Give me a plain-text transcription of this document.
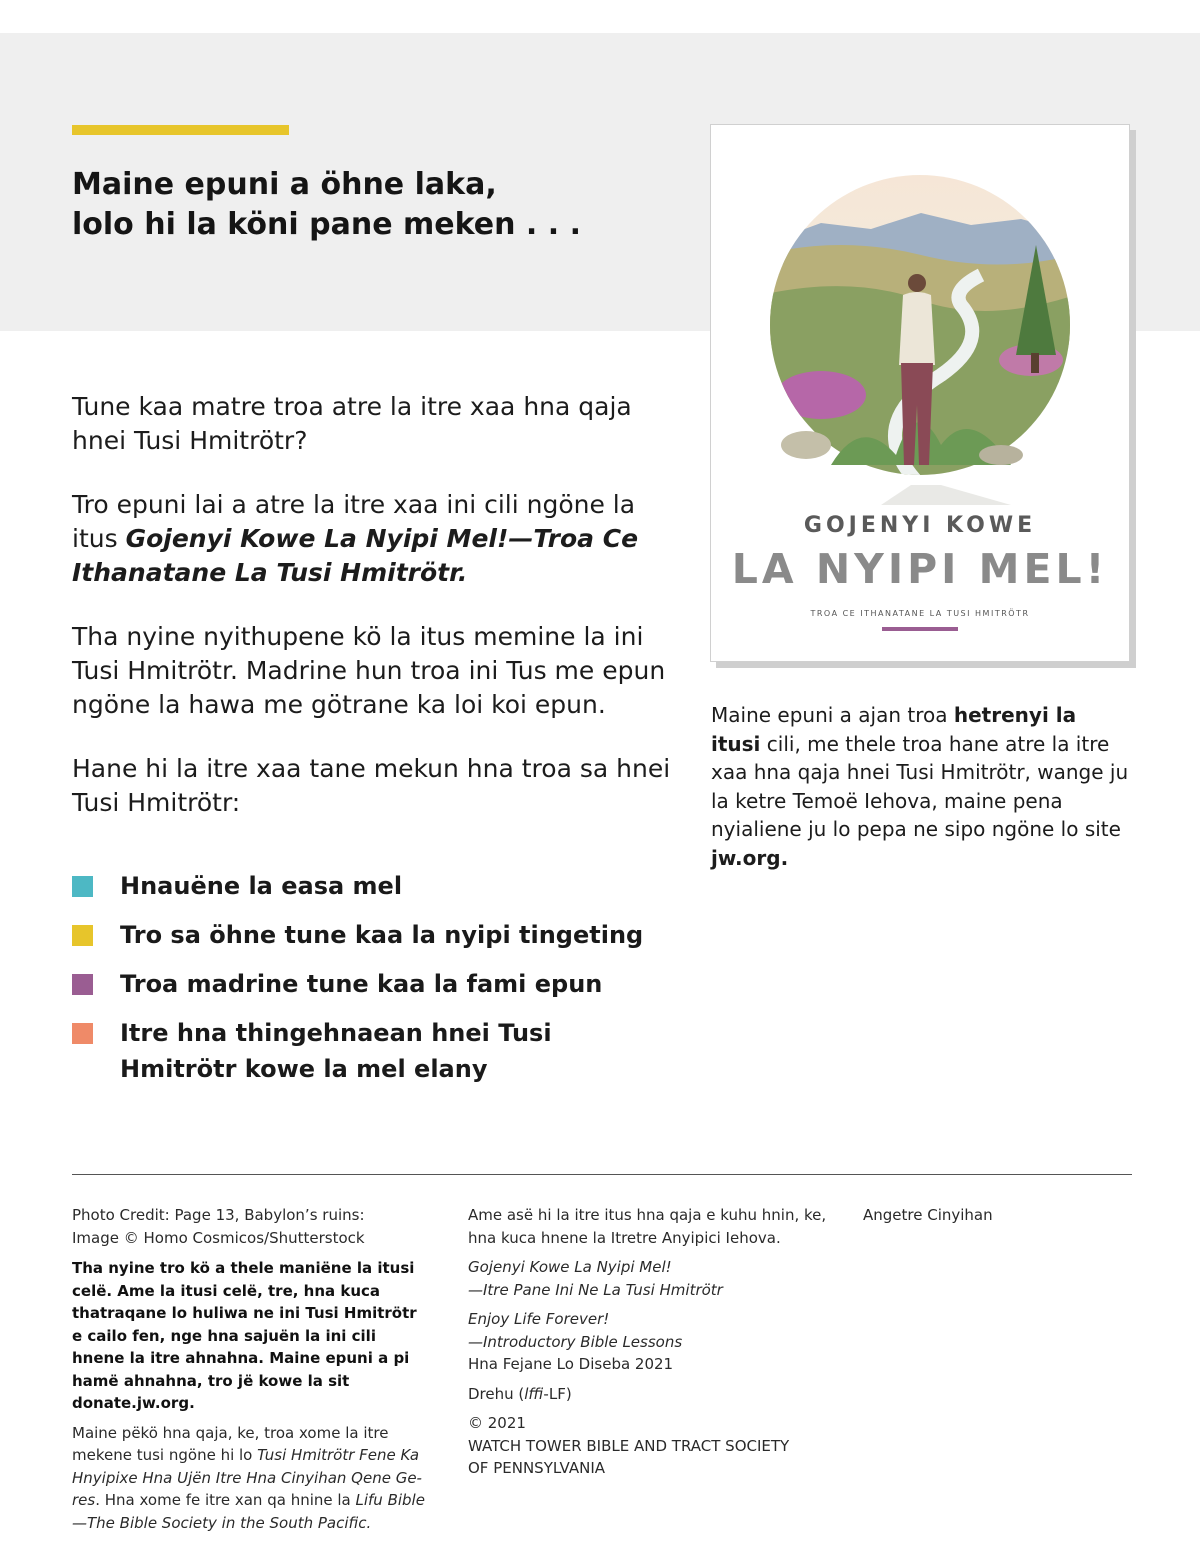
Maine epuni a öhne laka,
lolo hi la köni pane meken . . .

Tune kaa matre troa atre la itre xaa hna qaja hnei Tusi Hmitrötr?

Tro epuni lai a atre la itre xaa ini cili ngöne la itus Gojenyi Kowe La Nyipi Mel!—Troa Ce Ithanatane La Tusi Hmitrötr.

Tha nyine nyithupene kö la itus memine la ini Tusi Hmitrötr. Madrine hun troa ini Tus me epun ngöne la hawa me götrane ka loi koi epun.

Hane hi la itre xaa tane mekun hna troa sa hnei Tusi Hmitrötr:

Hnauëne la easa mel
Tro sa öhne tune kaa la nyipi tingeting
Troa madrine tune kaa la fami epun
Itre hna thingehnaean hnei Tusi Hmitrötr kowe la mel elany
GOJENYI KOWE
LA NYIPI MEL!
TROA CE ITHANATANE LA TUSI HMITRÖTR

Maine epuni a ajan troa hetrenyi la itusi cili, me thele troa hane atre la itre xaa hna qaja hnei Tusi Hmitrötr, wange ju la ketre Temoë Iehova, maine pena nyialiene ju lo pepa ne sipo ngöne lo site jw.org.

Photo Credit: Page 13, Babylon’s ruins:

Image © Homo Cosmicos/Shutterstock

Tha nyine tro kö a thele maniëne la itusi celë. Ame la itusi celë, tre, hna kuca thatraqane lo huliwa ne ini Tusi Hmitrötr e cailo fen, nge hna sajuën la ini cili hnene la itre ahnahna. Maine epuni a pi hamë ahnahna, tro jë kowe la sit donate.jw.org.

Maine pëkö hna qaja, ke, troa xome la itre mekene tusi ngöne hi lo Tusi Hmitrötr Fene Ka Hnyipixe Hna Ujën Itre Hna Cinyihan Qene Ge-res. Hna xome fe itre xan qa hnine la Lifu Bible —The Bible Society in the South Pacific.

Ame asë hi la itre itus hna qaja e kuhu hnin, ke, hna kuca hnene la Itretre Anyipici Iehova.

Gojenyi Kowe La Nyipi Mel!
—Itre Pane Ini Ne La Tusi Hmitrötr

Enjoy Life Forever!
—Introductory Bible Lessons

Hna Fejane Lo Diseba 2021

Drehu (lffi-LF)

© 2021

WATCH TOWER BIBLE AND TRACT SOCIETY

OF PENNSYLVANIA

Angetre Cinyihan
